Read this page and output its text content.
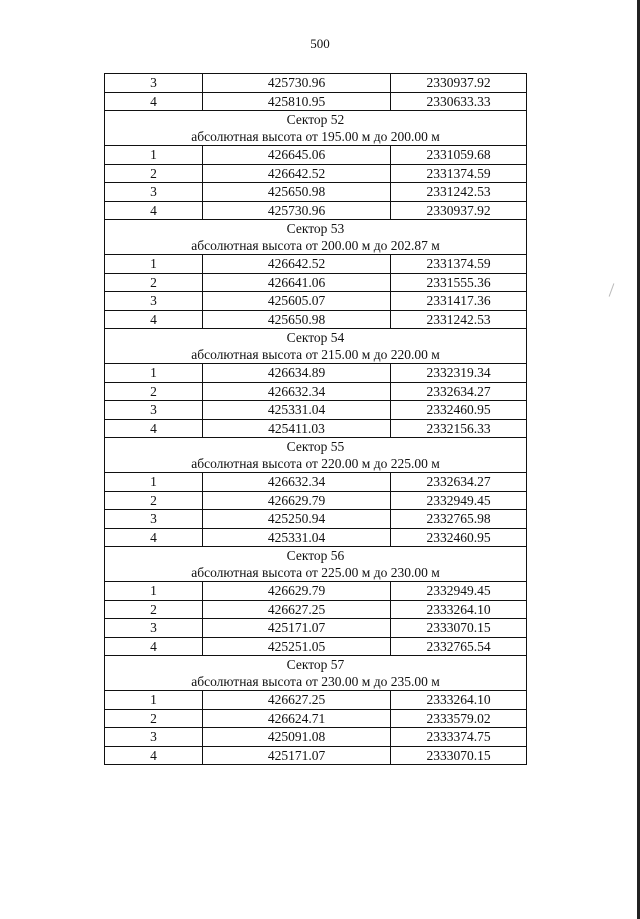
500
3	425730.96	2330937.92
4	425810.95	2330633.33

Сектор 52
абсолютная высота от 195.00 м до 200.00 м		

1	426645.06	2331059.68
2	426642.52	2331374.59
3	425650.98	2331242.53
4	425730.96	2330937.92

Сектор 53
абсолютная высота от 200.00 м до 202.87 м		

1	426642.52	2331374.59
2	426641.06	2331555.36
3	425605.07	2331417.36
4	425650.98	2331242.53

Сектор 54
абсолютная высота от 215.00 м до 220.00 м		

1	426634.89	2332319.34
2	426632.34	2332634.27
3	425331.04	2332460.95
4	425411.03	2332156.33

Сектор 55
абсолютная высота от 220.00 м до 225.00 м		

1	426632.34	2332634.27
2	426629.79	2332949.45
3	425250.94	2332765.98
4	425331.04	2332460.95

Сектор 56
абсолютная высота от 225.00 м до 230.00 м		

1	426629.79	2332949.45
2	426627.25	2333264.10
3	425171.07	2333070.15
4	425251.05	2332765.54

Сектор 57
абсолютная высота от 230.00 м до 235.00 м		

1	426627.25	2333264.10
2	426624.71	2333579.02
3	425091.08	2333374.75
4	425171.07	2333070.15
